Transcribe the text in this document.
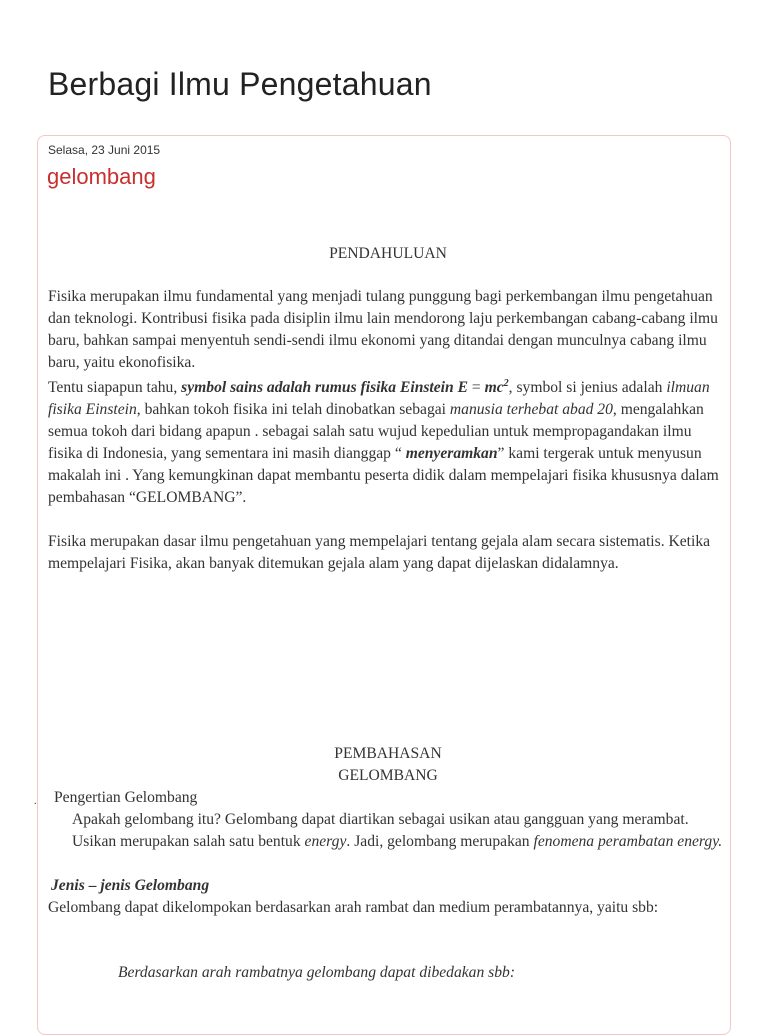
Berbagi Ilmu Pengetahuan
Selasa, 23 Juni 2015
gelombang
PENDAHULUAN

Fisika merupakan ilmu fundamental yang menjadi tulang punggung bagi perkembangan ilmu pengetahuan dan teknologi. Kontribusi fisika pada disiplin ilmu lain mendorong laju perkembangan cabang-cabang ilmu baru, bahkan sampai menyentuh sendi-sendi ilmu ekonomi yang ditandai dengan munculnya cabang ilmu baru, yaitu ekonofisika.

Tentu siapapun tahu, symbol sains adalah rumus fisika Einstein $E = mc^2$, symbol si jenius adalah ilmuan fisika Einstein, bahkan tokoh fisika ini telah dinobatkan sebagai manusia terhebat abad 20, mengalahkan semua tokoh dari bidang apapun . sebagai salah satu wujud kepedulian untuk mempropagandakan ilmu fisika di Indonesia, yang sementara ini masih dianggap “ menyeramkan” kami tergerak untuk menyusun makalah ini . Yang kemungkinan dapat membantu peserta didik dalam mempelajari fisika khususnya dalam pembahasan “GELOMBANG”.

Fisika merupakan dasar ilmu pengetahuan yang mempelajari tentang gejala alam secara sistematis. Ketika mempelajari Fisika, akan banyak ditemukan gejala alam yang dapat dijelaskan didalamnya.

PEMBAHASAN
GELOMBANG
. Pengertian Gelombang

Apakah gelombang itu? Gelombang dapat diartikan sebagai usikan atau gangguan yang merambat. Usikan merupakan salah satu bentuk energy. Jadi, gelombang merupakan fenomena perambatan energy.

Jenis – jenis Gelombang

Gelombang dapat dikelompokan berdasarkan arah rambat dan medium perambatannya, yaitu sbb:

Berdasarkan arah rambatnya gelombang dapat dibedakan sbb:
